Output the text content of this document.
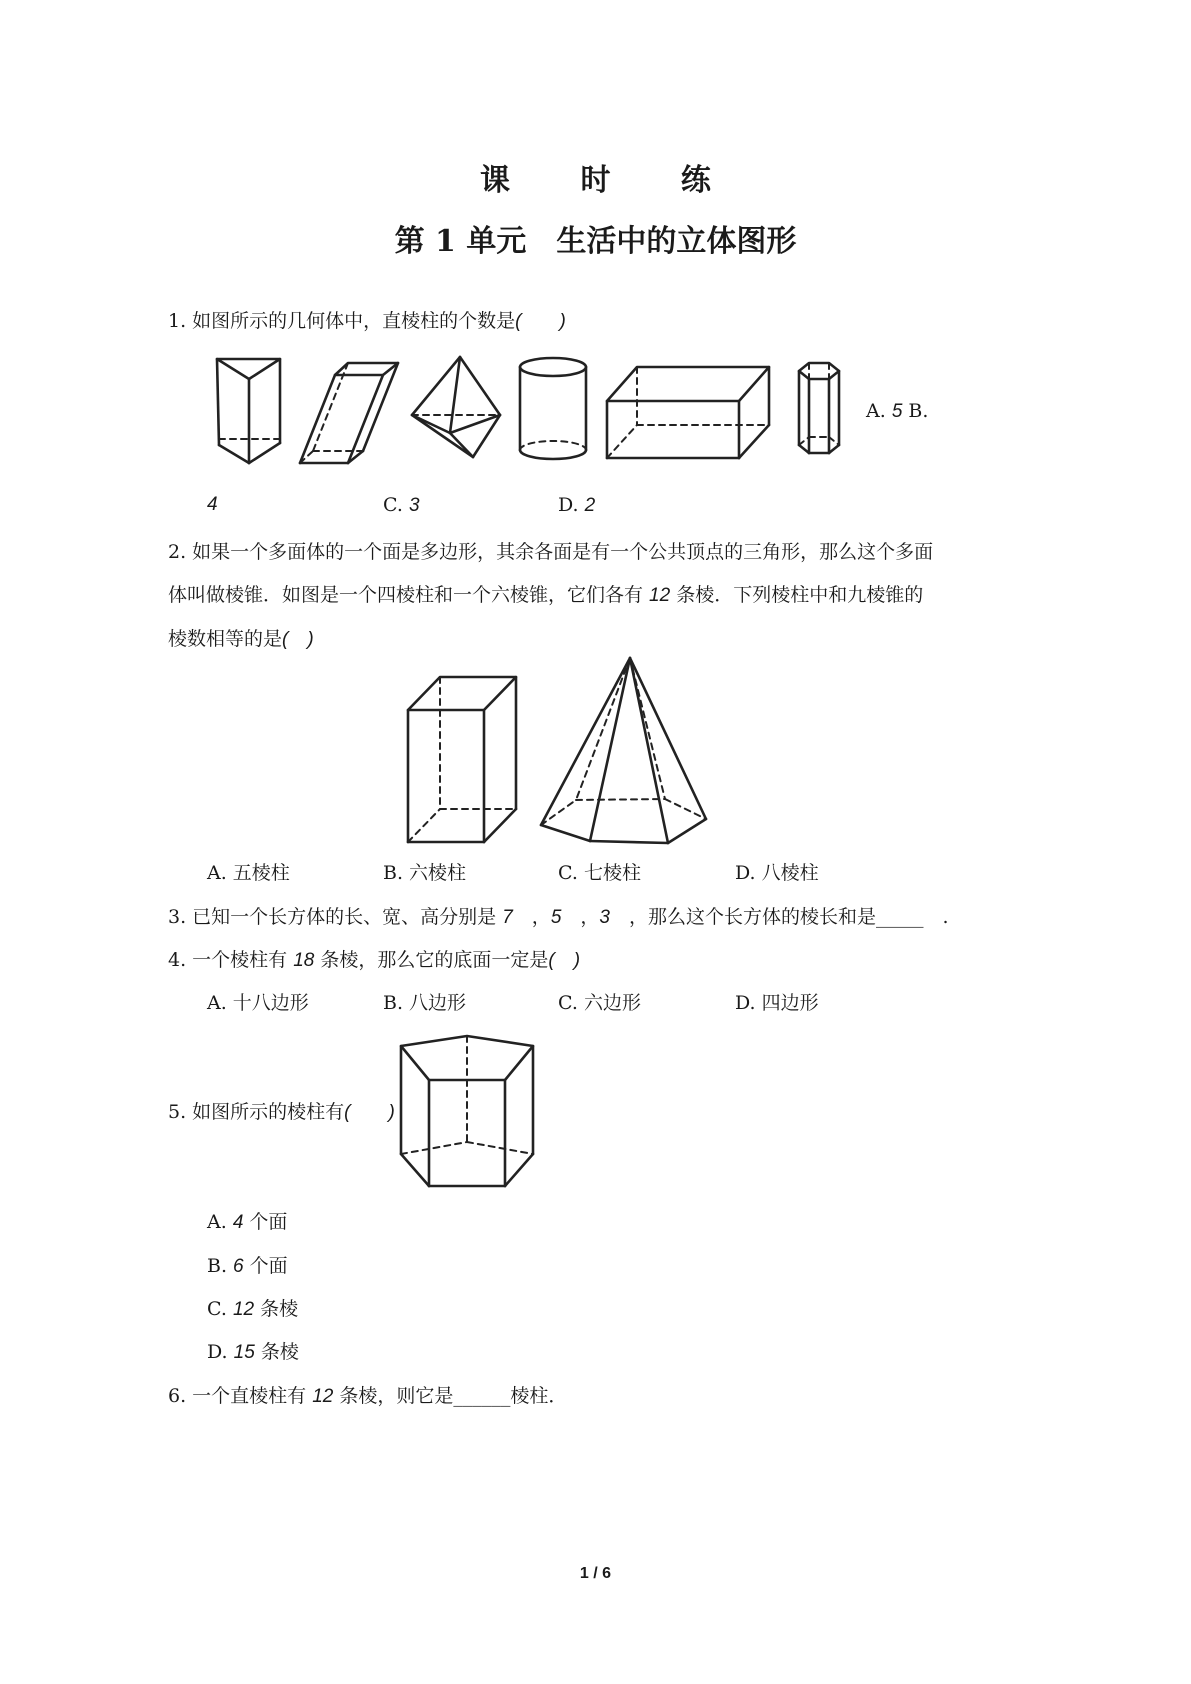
课 时 练
第 1 单元　生活中的立体图形
1. 如图所示的几何体中，直棱柱的个数是(　　)
A. 5 B.
4	C. 3	D. 2
2. 如果一个多面体的一个面是多边形，其余各面是有一个公共顶点的三角形，那么这个多面
体叫做棱锥．如图是一个四棱柱和一个六棱锥，它们各有 12 条棱．下列棱柱中和九棱锥的
棱数相等的是(　)
A. 五棱柱	B. 六棱柱	C. 七棱柱	D. 八棱柱
3. 已知一个长方体的长、宽、高分别是 7　，5　，3　，那么这个长方体的棱长和是_____　.
4. 一个棱柱有 18 条棱，那么它的底面一定是(　)
A. 十八边形	B. 八边形	C. 六边形	D. 四边形
5. 如图所示的棱柱有(　　)
A. 4 个面
B. 6 个面
C. 12 条棱
D. 15 条棱
6. 一个直棱柱有 12 条棱，则它是______棱柱．
1 / 6
